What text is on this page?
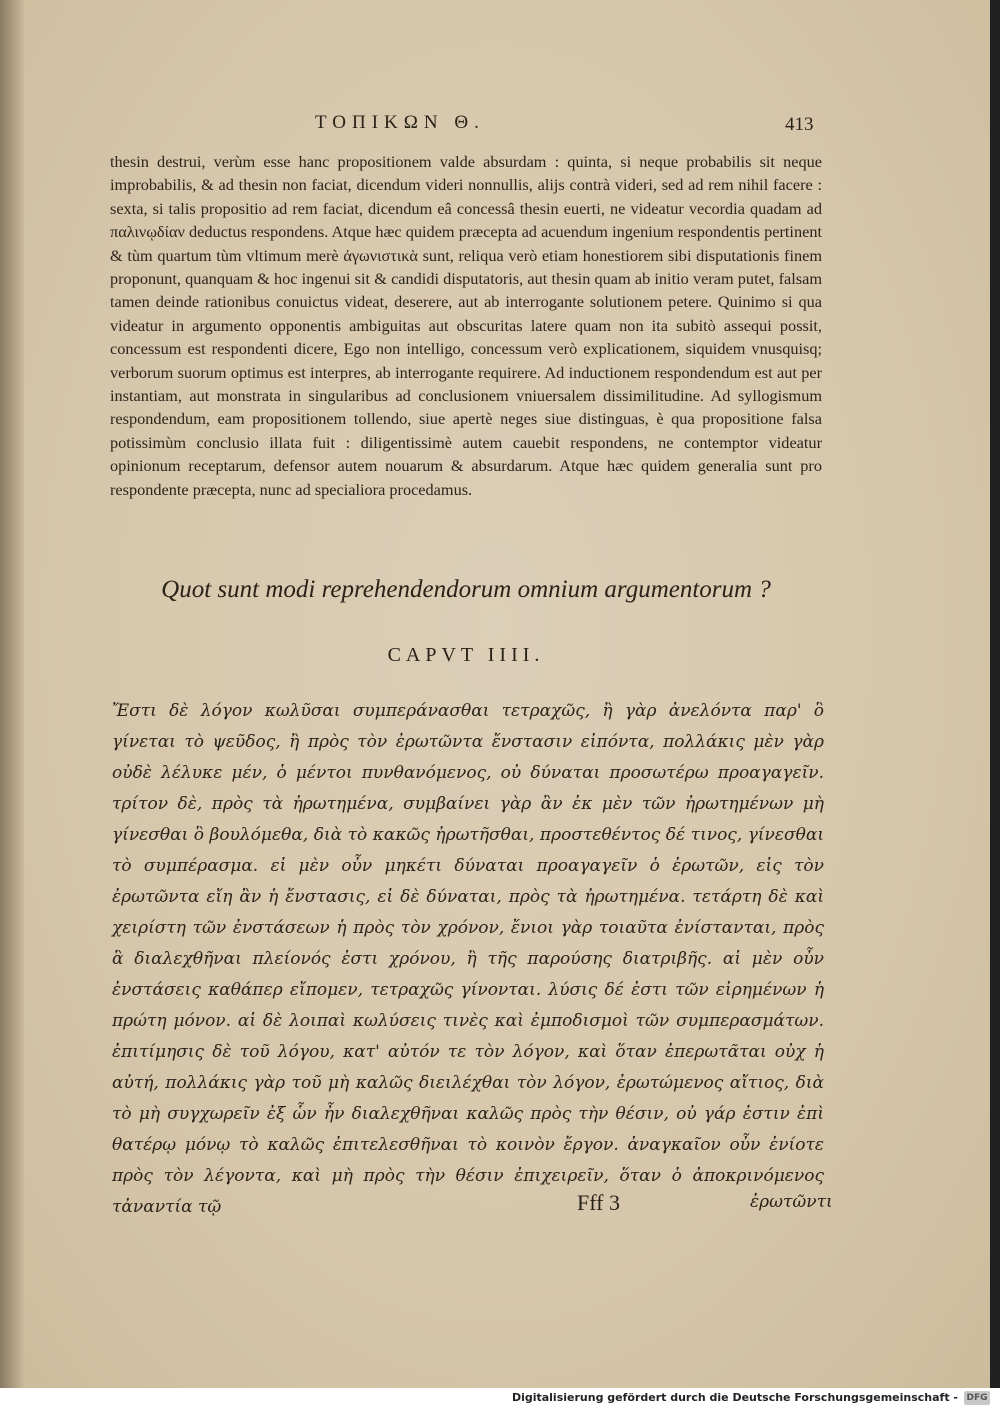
ΤΟΠΙΚΩΝ Θ.	413

thesin destrui, verùm esse hanc propositionem valde absurdam : quinta, si neque probabilis sit neque improbabilis, & ad thesin non faciat, dicendum videri nonnullis, alijs contrà videri, sed ad rem nihil facere : sexta, si talis propositio ad rem faciat, dicendum eâ concessâ thesin euerti, ne videatur vecordia quadam ad παλινῳδίαν deductus respondens. Atque hæc quidem præcepta ad acuendum ingenium respondentis pertinent & tùm quartum tùm vltimum merè ἀγωνιστικὰ sunt, reliqua verò etiam honestiorem sibi disputationis finem proponunt, quanquam & hoc ingenui sit & candidi disputatoris, aut thesin quam ab initio veram putet, falsam tamen deinde rationibus conuictus videat, deserere, aut ab interrogante solutionem petere. Quinimo si qua videatur in argumento opponentis ambiguitas aut obscuritas latere quam non ita subitò assequi possit, concessum est respondenti dicere, Ego non intelligo, concessum verò explicationem, siquidem vnusquisq; verborum suorum optimus est interpres, ab interrogante requirere. Ad inductionem respondendum est aut per instantiam, aut monstrata in singularibus ad conclusionem vniuersalem dissimilitudine. Ad syllogismum respondendum, eam propositionem tollendo, siue apertè neges siue distinguas, è qua propositione falsa potissimùm conclusio illata fuit : diligentissimè autem cauebit respondens, ne contemptor videatur opinionum receptarum, defensor autem nouarum & absurdarum. Atque hæc quidem generalia sunt pro respondente præcepta, nunc ad specialiora procedamus.

Quot sunt modi reprehendendorum omnium argumentorum ?
CAPVT IIII.

Ἔστι δὲ λόγον κωλῦσαι συμπεράνασθαι τετραχῶς, ἢ γὰρ ἀνελόντα παρ' ὃ γίνεται τὸ ψεῦδος, ἢ πρὸς τὸν ἐρωτῶντα ἔνστασιν εἰπόντα, πολλάκις μὲν γὰρ οὐδὲ λέλυκε μέν, ὁ μέντοι πυνθανόμενος, οὐ δύναται προσωτέρω προαγαγεῖν. τρίτον δὲ, πρὸς τὰ ἠρωτημένα, συμβαίνει γὰρ ἂν ἐκ μὲν τῶν ἠρωτημένων μὴ γίνεσθαι ὃ βουλόμεθα, διὰ τὸ κακῶς ἠρωτῆσθαι, προστεθέντος δέ τινος, γίνεσθαι τὸ συμπέρασμα. εἰ μὲν οὖν μηκέτι δύναται προαγαγεῖν ὁ ἐρωτῶν, εἰς τὸν ἐρωτῶντα εἴη ἂν ἡ ἔνστασις, εἰ δὲ δύναται, πρὸς τὰ ἠρωτημένα. τετάρτη δὲ καὶ χειρίστη τῶν ἐνστάσεων ἡ πρὸς τὸν χρόνον, ἔνιοι γὰρ τοιαῦτα ἐνίστανται, πρὸς ἃ διαλεχθῆναι πλείονός ἐστι χρόνου, ἢ τῆς παρούσης διατριβῆς. αἱ μὲν οὖν ἐνστάσεις καθάπερ εἴπομεν, τετραχῶς γίνονται. λύσις δέ ἐστι τῶν εἰρημένων ἡ πρώτη μόνον. αἱ δὲ λοιπαὶ κωλύσεις τινὲς καὶ ἐμποδισμοὶ τῶν συμπερασμάτων. ἐπιτίμησις δὲ τοῦ λόγου, κατ' αὐτόν τε τὸν λόγον, καὶ ὅταν ἐπερωτᾶται οὐχ ἡ αὐτή, πολλάκις γὰρ τοῦ μὴ καλῶς διειλέχθαι τὸν λόγον, ἐρωτώμενος αἴτιος, διὰ τὸ μὴ συγχωρεῖν ἐξ ὧν ἦν διαλεχθῆναι καλῶς πρὸς τὴν θέσιν, οὐ γάρ ἐστιν ἐπὶ θατέρῳ μόνῳ τὸ καλῶς ἐπιτελεσθῆναι τὸ κοινὸν ἔργον. ἀναγκαῖον οὖν ἐνίοτε πρὸς τὸν λέγοντα, καὶ μὴ πρὸς τὴν θέσιν ἐπιχειρεῖν, ὅταν ὁ ἀποκρινόμενος τἀναντία τῷ	Fff 3	ἐρωτῶντι
Digitalisierung gefördert durch die Deutsche Forschungsgemeinschaft - DFG
